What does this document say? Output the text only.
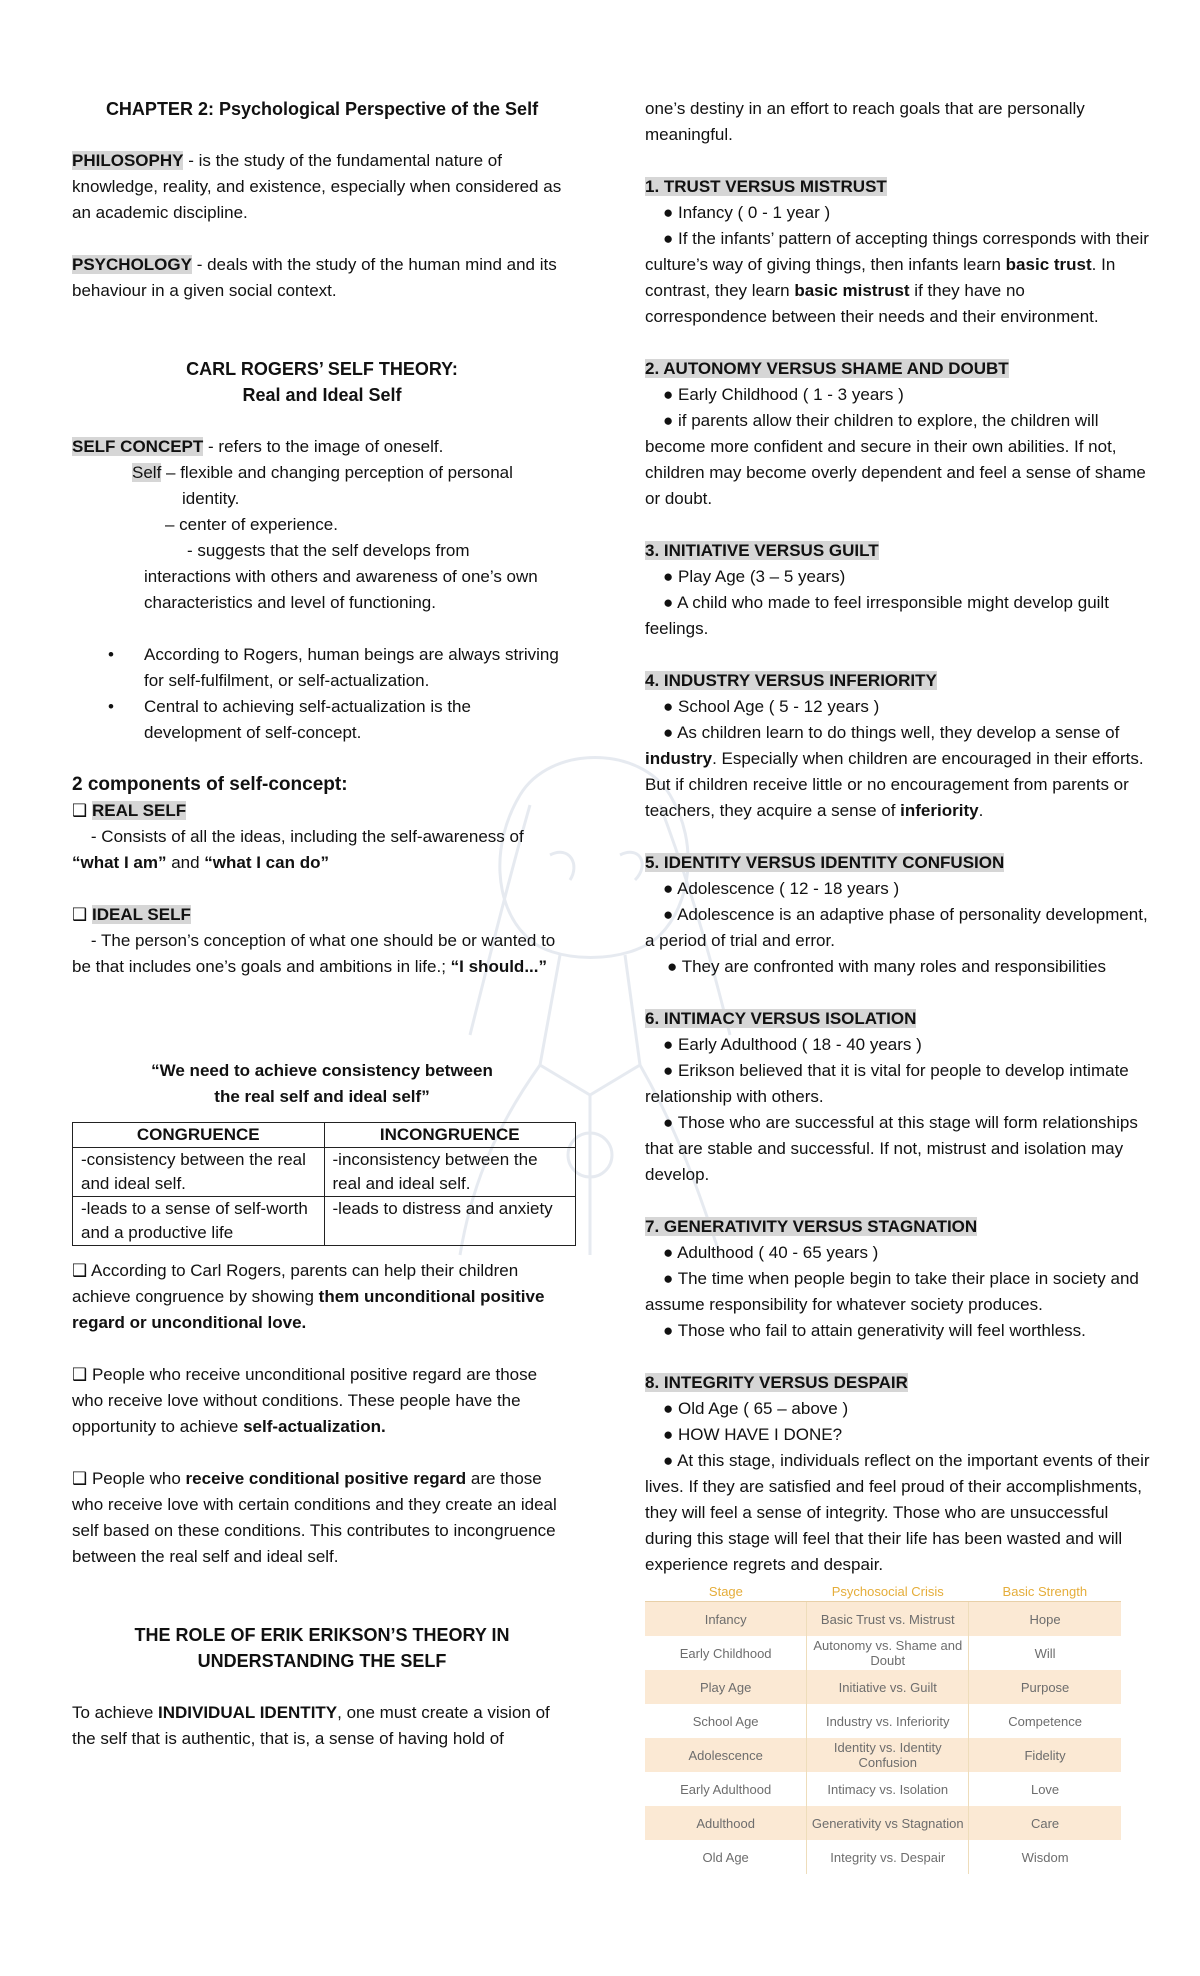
CHAPTER 2: Psychological Perspective of the Self

PHILOSOPHY - is the study of the fundamental nature of knowledge, reality, and existence, especially when considered as an academic discipline.

PSYCHOLOGY - deals with the study of the human mind and its behaviour in a given social context.

CARL ROGERS’ SELF THEORY:

Real and Ideal Self

SELF CONCEPT - refers to the image of oneself.

Self – flexible and changing perception of personal

identity.

– center of experience.

- suggests that the self develops from

interactions with others and awareness of one’s own characteristics and level of functioning.

• According to Rogers, human beings are always striving for self-fulfilment, or self-actualization.

• Central to achieving self-actualization is the development of self-concept.

2 components of self-concept:

❑ REAL SELF

- Consists of all the ideas, including the self-awareness of “what I am” and “what I can do”

❑ IDEAL SELF

- The person’s conception of what one should be or wanted to be that includes one’s goals and ambitions in life.; “I should...”

“We need to achieve consistency between

the real self and ideal self”

CONGRUENCE	INCONGRUENCE
-consistency between the real and ideal self.	-inconsistency between the real and ideal self.
-leads to a sense of self-worth and a productive life	-leads to distress and anxiety

❑ According to Carl Rogers, parents can help their children achieve congruence by showing them unconditional positive regard or unconditional love.

❑ People who receive unconditional positive regard are those who receive love without conditions. These people have the opportunity to achieve self-actualization.

❑ People who receive conditional positive regard are those who receive love with certain conditions and they create an ideal self based on these conditions. This contributes to incongruence between the real self and ideal self.

THE ROLE OF ERIK ERIKSON’S THEORY IN

UNDERSTANDING THE SELF

To achieve INDIVIDUAL IDENTITY, one must create a vision of the self that is authentic, that is, a sense of having hold of

one’s destiny in an effort to reach goals that are personally meaningful.

1. TRUST VERSUS MISTRUST

● Infancy ( 0 - 1 year )

● If the infants’ pattern of accepting things corresponds with their culture’s way of giving things, then infants learn basic trust. In contrast, they learn basic mistrust if they have no correspondence between their needs and their environment.

2. AUTONOMY VERSUS SHAME AND DOUBT

● Early Childhood ( 1 - 3 years )

● if parents allow their children to explore, the children will become more confident and secure in their own abilities. If not, children may become overly dependent and feel a sense of shame or doubt.

3. INITIATIVE VERSUS GUILT

● Play Age (3 – 5 years)

● A child who made to feel irresponsible might develop guilt feelings.

4. INDUSTRY VERSUS INFERIORITY

● School Age ( 5 - 12 years )

● As children learn to do things well, they develop a sense of industry. Especially when children are encouraged in their efforts. But if children receive little or no encouragement from parents or teachers, they acquire a sense of inferiority.

5. IDENTITY VERSUS IDENTITY CONFUSION

● Adolescence ( 12 - 18 years )

● Adolescence is an adaptive phase of personality development, a period of trial and error.

● They are confronted with many roles and responsibilities

6. INTIMACY VERSUS ISOLATION

● Early Adulthood ( 18 - 40 years )

● Erikson believed that it is vital for people to develop intimate relationship with others.

● Those who are successful at this stage will form relationships that are stable and successful. If not, mistrust and isolation may develop.

7. GENERATIVITY VERSUS STAGNATION

● Adulthood ( 40 - 65 years )

● The time when people begin to take their place in society and assume responsibility for whatever society produces.

● Those who fail to attain generativity will feel worthless.

8. INTEGRITY VERSUS DESPAIR

● Old Age ( 65 – above )

● HOW HAVE I DONE?

● At this stage, individuals reflect on the important events of their lives. If they are satisfied and feel proud of their accomplishments, they will feel a sense of integrity. Those who are unsuccessful during this stage will feel that their life has been wasted and will experience regrets and despair.

Stage	Psychosocial Crisis	Basic Strength
Infancy	Basic Trust vs. Mistrust	Hope
Early Childhood	Autonomy vs. Shame and Doubt	Will
Play Age	Initiative vs. Guilt	Purpose
School Age	Industry vs. Inferiority	Competence
Adolescence	Identity vs. Identity Confusion	Fidelity
Early Adulthood	Intimacy vs. Isolation	Love
Adulthood	Generativity vs Stagnation	Care
Old Age	Integrity vs. Despair	Wisdom
